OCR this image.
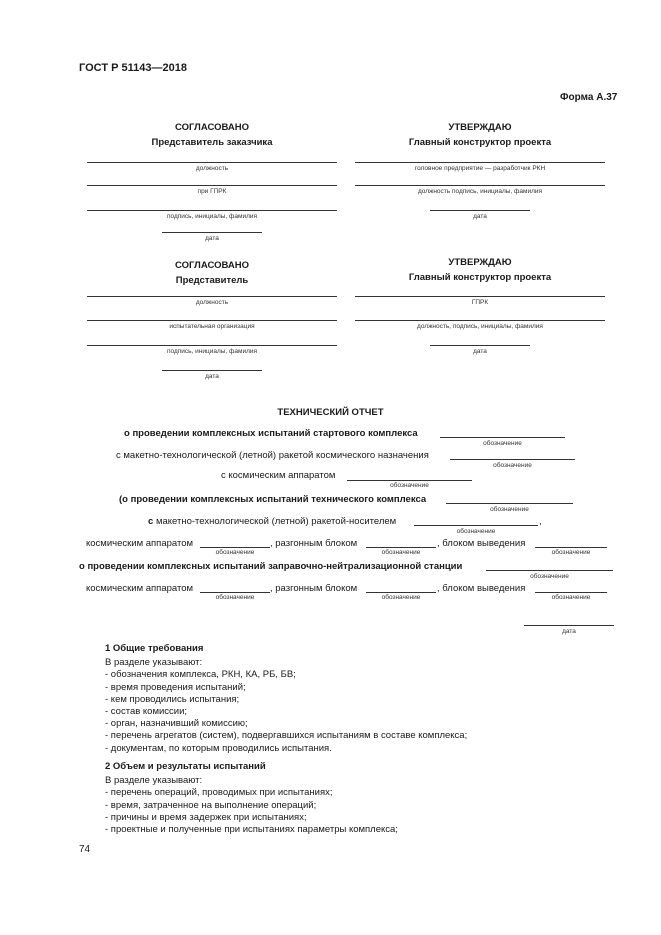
ГОСТ Р 51143—2018
Форма А.37
СОГЛАСОВАНО
Представитель заказчика
должность
при ГПРК
подпись, инициалы, фамилия
дата
УТВЕРЖДАЮ
Главный конструктор проекта
головное предприятие — разработчик РКН
должность подпись, инициалы, фамилия
дата
СОГЛАСОВАНО
Представитель
должность
испытательная организация
подпись, инициалы, фамилия
дата
УТВЕРЖДАЮ
Главный конструктор проекта
ГПРК
должность, подпись, инициалы, фамилия
дата
ТЕХНИЧЕСКИЙ ОТЧЕТ
о проведении комплексных испытаний стартового комплекса
обозначение
с макетно-технологической (летной) ракетой космического назначения
обозначение
с космическим аппаратом
обозначение
(о проведении комплексных испытаний технического комплекса
обозначение
с макетно-технологической (летной) ракетой-носителем	,
обозначение
космическим аппаратом
обозначение
, разгонным блоком
обозначение
, блоком выведения
обозначение
о проведении комплексных испытаний заправочно-нейтрализационной станции
обозначение
космическим аппаратом
обозначение
, разгонным блоком
обозначение
, блоком выведения
обозначение
дата
1 Общие требования
В разделе указывают:
- обозначения комплекса, РКН, КА, РБ, БВ;
- время проведения испытаний;
- кем проводились испытания;
- состав комиссии;
- орган, назначивший комиссию;
- перечень агрегатов (систем), подвергавшихся испытаниям в составе комплекса;
- документам, по которым проводились испытания.
2 Объем и результаты испытаний
В разделе указывают:
- перечень операций, проводимых при испытаниях;
- время, затраченное на выполнение операций;
- причины и время задержек при испытаниях;
- проектные и полученные при испытаниях параметры комплекса;
74
